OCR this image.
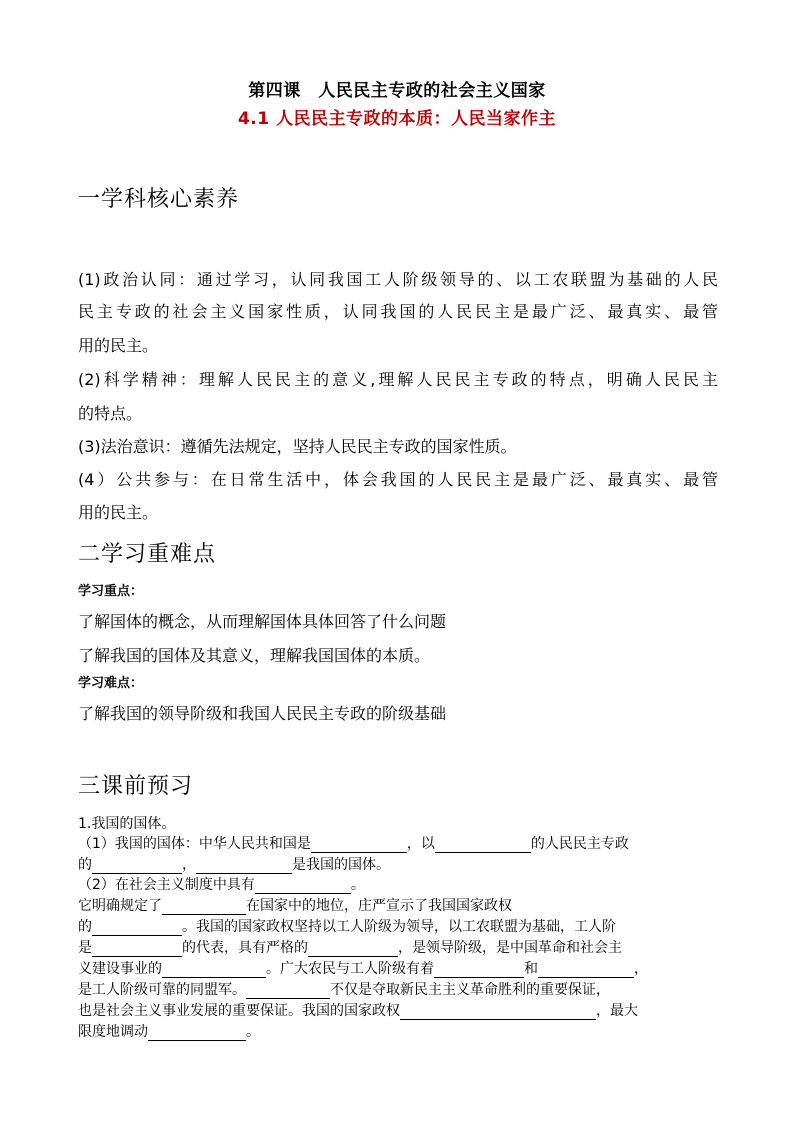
第四课　人民民主专政的社会主义国家
4.1 人民民主专政的本质：人民当家作主
一学科核心素养
(1)政治认同：通过学习，认同我国工人阶级领导的、以工农联盟为基础的人民
民主专政的社会主义国家性质，认同我国的人民民主是最广泛、最真实、最管
用的民主。
(2)科学精神：理解人民民主的意义,理解人民民主专政的特点，明确人民民主
的特点。
(3)法治意识：遵循先法规定，坚持人民民主专政的国家性质。
(4）公共参与：在日常生活中，体会我国的人民民主是最广泛、最真实、最管
用的民主。
二学习重难点
学习重点：
了解国体的概念，从而理解国体具体回答了什么问题
了解我国的国体及其意义，理解我国国体的本质。
学习难点：
了解我国的领导阶级和我国人民民主专政的阶级基础
三课前预习
1.我国的国体。
（1）我国的国体：中华人民共和国是	，以	的人民民主专政
的	，	是我国的国体。
（2）在社会主义制度中具有	。
它明确规定了	在国家中的地位，庄严宣示了我国国家政权
的	。我国的国家政权坚持以工人阶级为领导，以工农联盟为基础，工人阶
是	的代表，具有严格的	，是领导阶级，是中国革命和社会主
义建设事业的	。广大农民与工人阶级有着	和	，
是工人阶级可靠的同盟军。	不仅是夺取新民主主义革命胜利的重要保证，
也是社会主义事业发展的重要保证。我国的国家政权	，最大
限度地调动	。
